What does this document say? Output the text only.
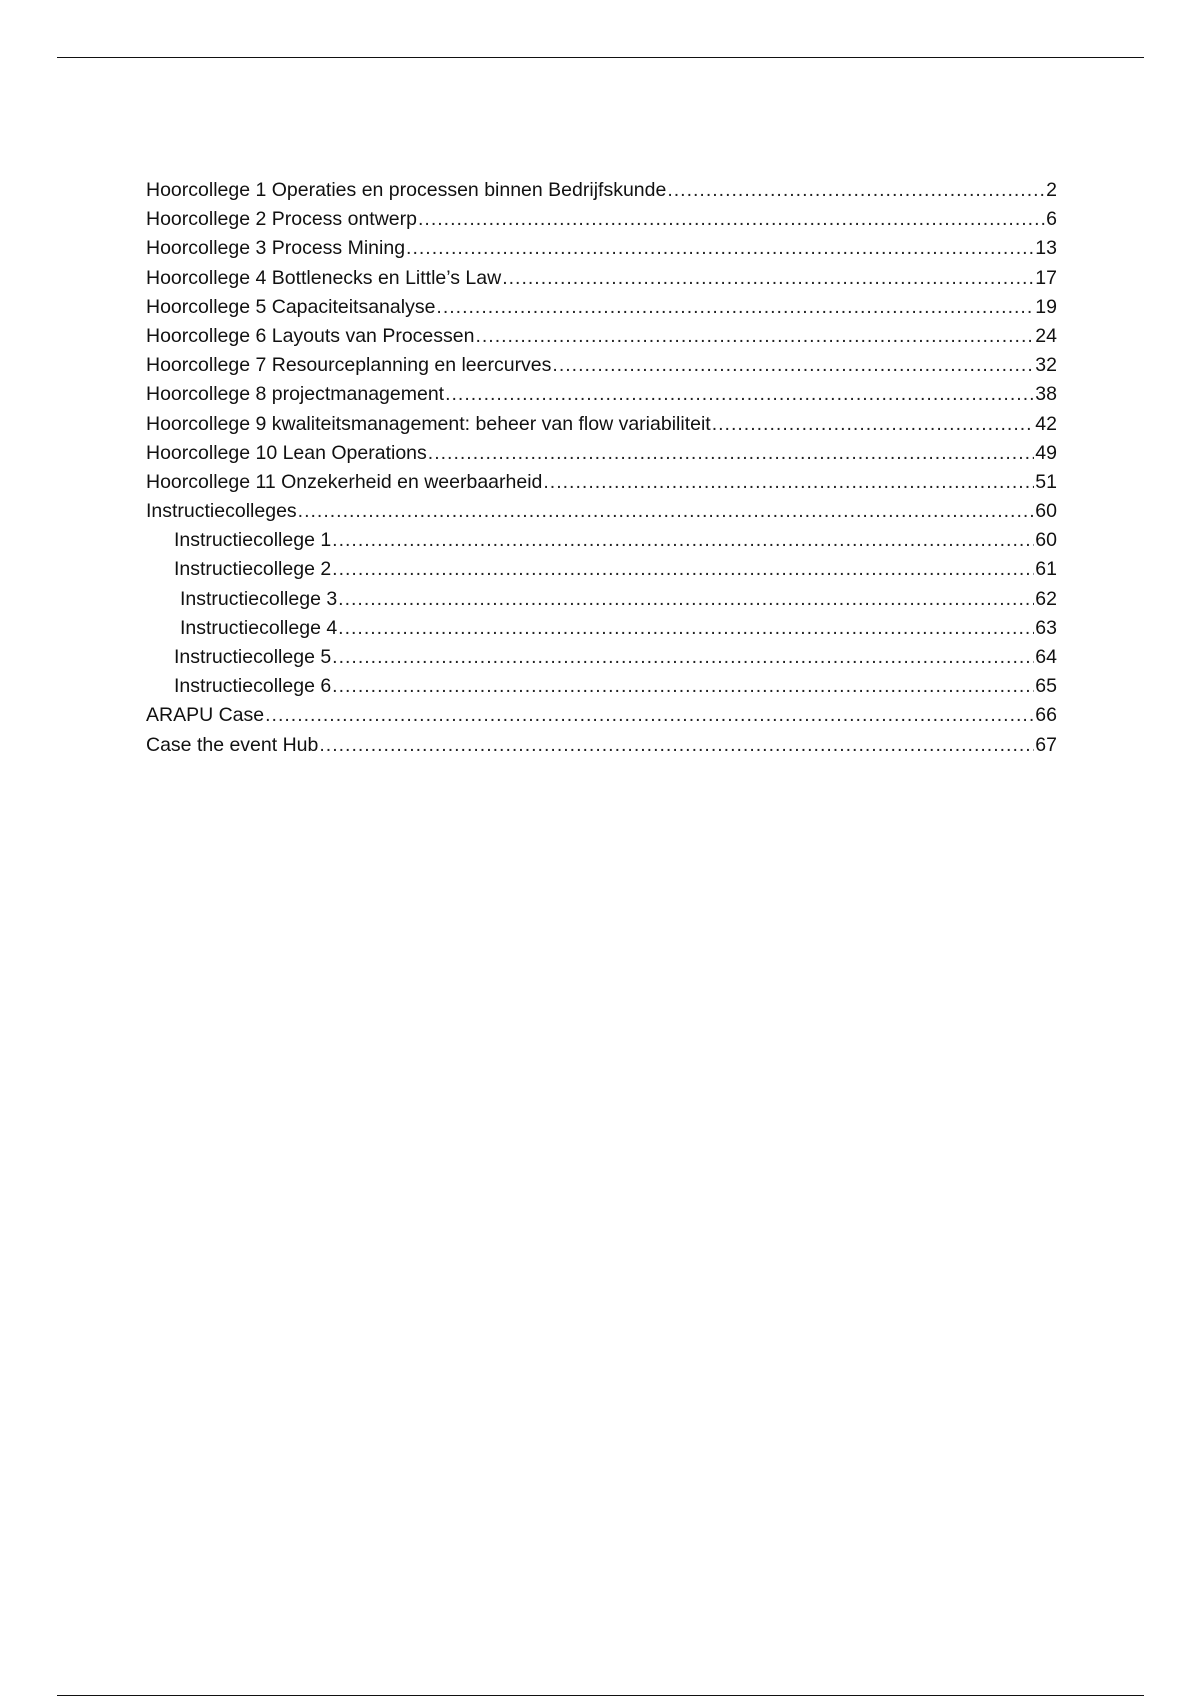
Hoorcollege 1 Operaties en processen binnen Bedrijfskunde .....	2
Hoorcollege 2 Process ontwerp .....	6
Hoorcollege 3 Process Mining .....	13
Hoorcollege 4 Bottlenecks en Little’s Law .....	17
Hoorcollege 5 Capaciteitsanalyse .....	19
Hoorcollege 6 Layouts van Processen .....	24
Hoorcollege 7 Resourceplanning en leercurves .....	32
Hoorcollege 8 projectmanagement .....	38
Hoorcollege 9 kwaliteitsmanagement: beheer van flow variabiliteit .....	42
Hoorcollege 10 Lean Operations .....	49
Hoorcollege 11 Onzekerheid en weerbaarheid .....	51
Instructiecolleges .....	60
Instructiecollege 1 .....	60
Instructiecollege 2 .....	61
Instructiecollege 3 .....	62
Instructiecollege 4 .....	63
Instructiecollege 5 .....	64
Instructiecollege 6 .....	65
ARAPU Case .....	66
Case the event Hub .....	67
